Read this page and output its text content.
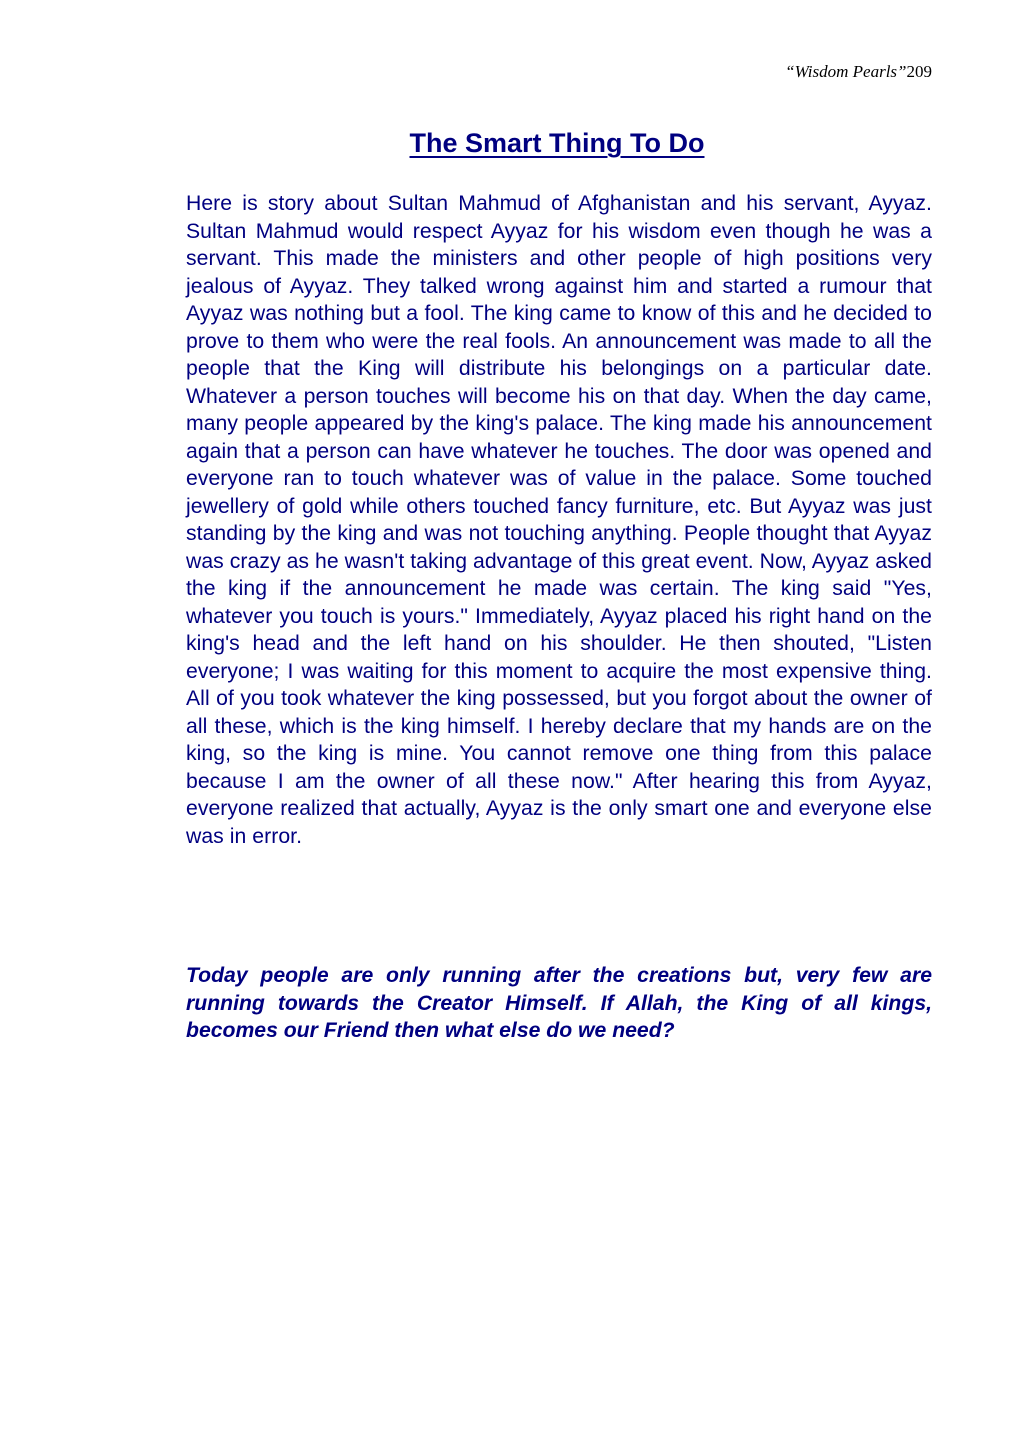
“Wisdom Pearls”209
The Smart Thing To Do

Here is story about Sultan Mahmud of Afghanistan and his servant, Ayyaz. Sultan Mahmud would respect Ayyaz for his wisdom even though he was a servant. This made the ministers and other people of high positions very jealous of Ayyaz. They talked wrong against him and started a rumour that Ayyaz was nothing but a fool. The king came to know of this and he decided to prove to them who were the real fools. An announcement was made to all the people that the King will distribute his belongings on a particular date. Whatever a person touches will become his on that day. When the day came, many people appeared by the king's palace. The king made his announcement again that a person can have whatever he touches. The door was opened and everyone ran to touch whatever was of value in the palace. Some touched jewellery of gold while others touched fancy furniture, etc. But Ayyaz was just standing by the king and was not touching anything. People thought that Ayyaz was crazy as he wasn't taking advantage of this great event. Now, Ayyaz asked the king if the announcement he made was certain. The king said "Yes, whatever you touch is yours." Immediately, Ayyaz placed his right hand on the king's head and the left hand on his shoulder. He then shouted, "Listen everyone; I was waiting for this moment to acquire the most expensive thing. All of you took whatever the king possessed, but you forgot about the owner of all these, which is the king himself. I hereby declare that my hands are on the king, so the king is mine. You cannot remove one thing from this palace because I am the owner of all these now." After hearing this from Ayyaz, everyone realized that actually, Ayyaz is the only smart one and everyone else was in error.

Today people are only running after the creations but, very few are running towards the Creator Himself. If Allah, the King of all kings, becomes our Friend then what else do we need?
